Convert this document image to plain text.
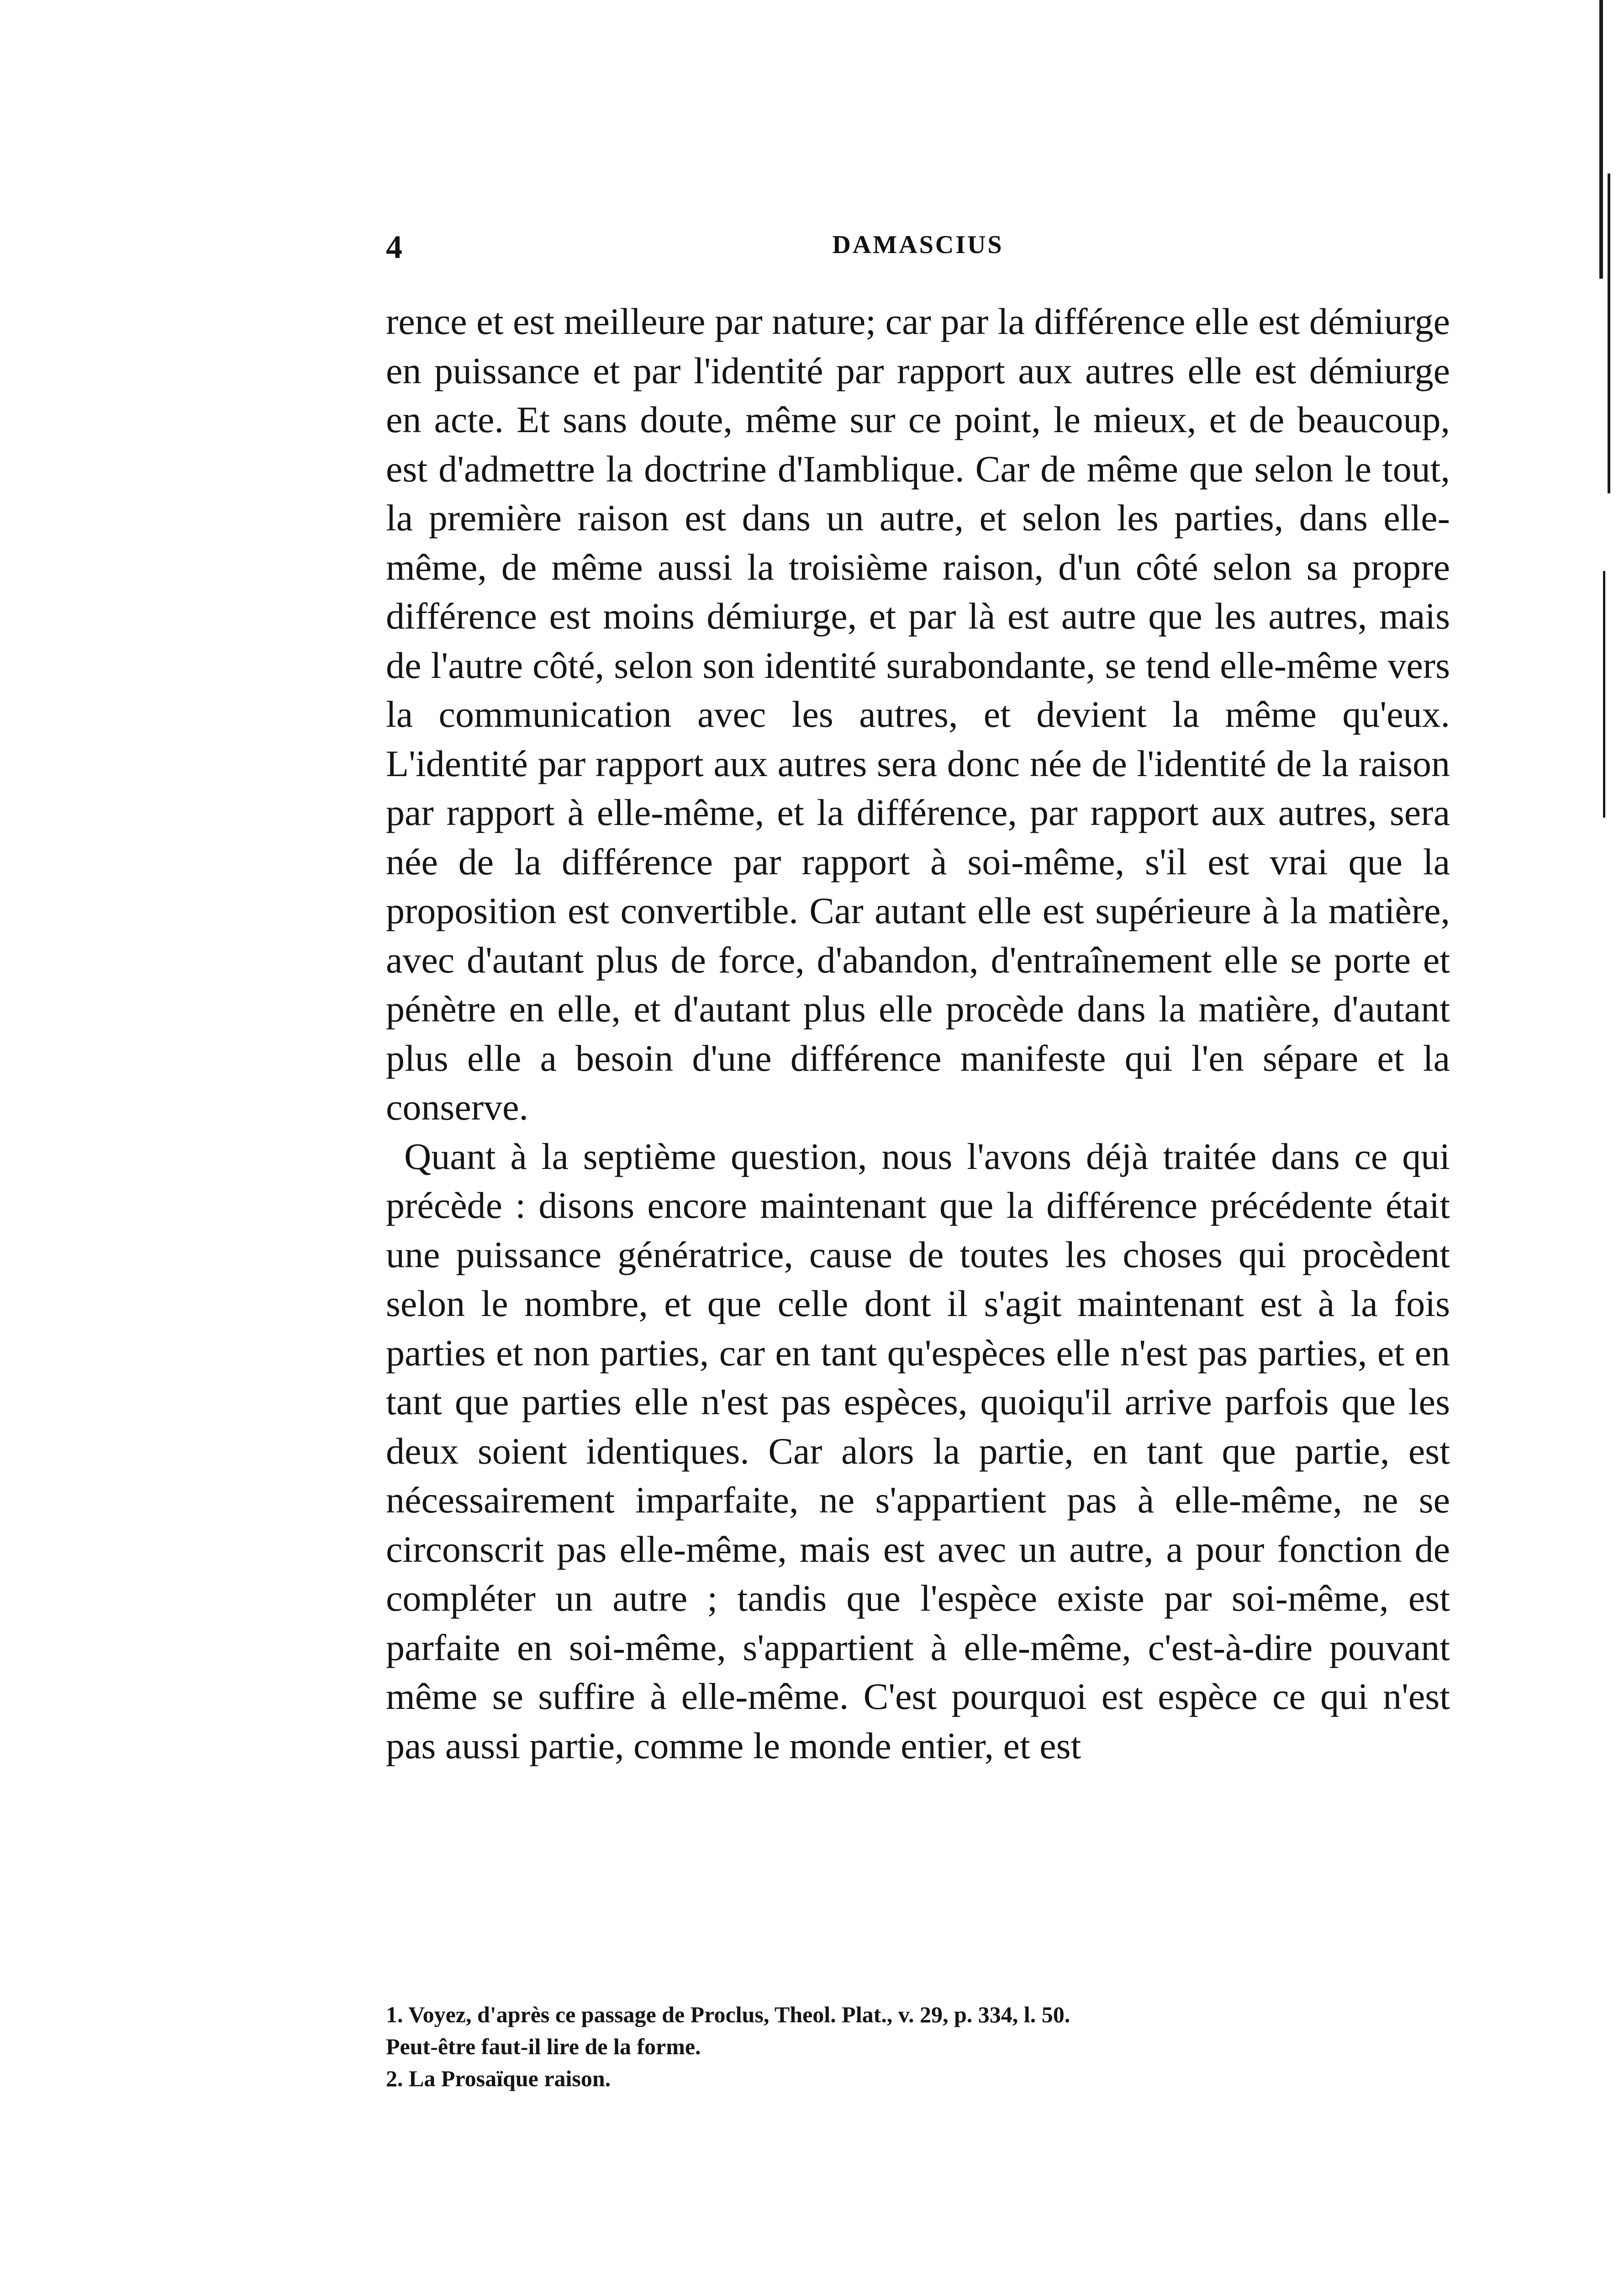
4	DAMASCIUS

rence et est meilleure par nature; car par la différence elle est démiurge en puissance et par l'identité par rapport aux autres elle est démiurge en acte. Et sans doute, même sur ce point, le mieux, et de beaucoup, est d'admettre la doctrine d'Iamblique. Car de même que selon le tout, la première raison est dans un autre, et selon les parties, dans elle-même, de même aussi la troisième raison, d'un côté selon sa propre différence est moins démiurge, et par là est autre que les autres, mais de l'autre côté, selon son identité surabondante, se tend elle-même vers la communication avec les autres, et devient la même qu'eux. L'identité par rapport aux autres sera donc née de l'identité de la raison par rapport à elle-même, et la différence, par rapport aux autres, sera née de la différence par rapport à soi-même, s'il est vrai que la proposition est convertible. Car autant elle est supérieure à la matière, avec d'autant plus de force, d'abandon, d'entraînement elle se porte et pénètre en elle, et d'autant plus elle procède dans la matière, d'autant plus elle a besoin d'une différence manifeste qui l'en sépare et la conserve.

Quant à la septième question, nous l'avons déjà traitée dans ce qui précède : disons encore maintenant que la différence précédente était une puissance génératrice, cause de toutes les choses qui procèdent selon le nombre, et que celle dont il s'agit maintenant est à la fois parties et non parties, car en tant qu'espèces elle n'est pas parties, et en tant que parties elle n'est pas espèces, quoiqu'il arrive parfois que les deux soient identiques. Car alors la partie, en tant que partie, est nécessairement imparfaite, ne s'appartient pas à elle-même, ne se circonscrit pas elle-même, mais est avec un autre, a pour fonction de compléter un autre ; tandis que l'espèce existe par soi-même, est parfaite en soi-même, s'appartient à elle-même, c'est-à-dire pouvant même se suffire à elle-même. C'est pourquoi est espèce ce qui n'est pas aussi partie, comme le monde entier, et est

1. Voyez, d'après ce passage de Proclus, Theol. Plat., v. 29, p. 334, l. 50.

Peut-être faut-il lire de la forme.

2. La Prosaïque raison.
